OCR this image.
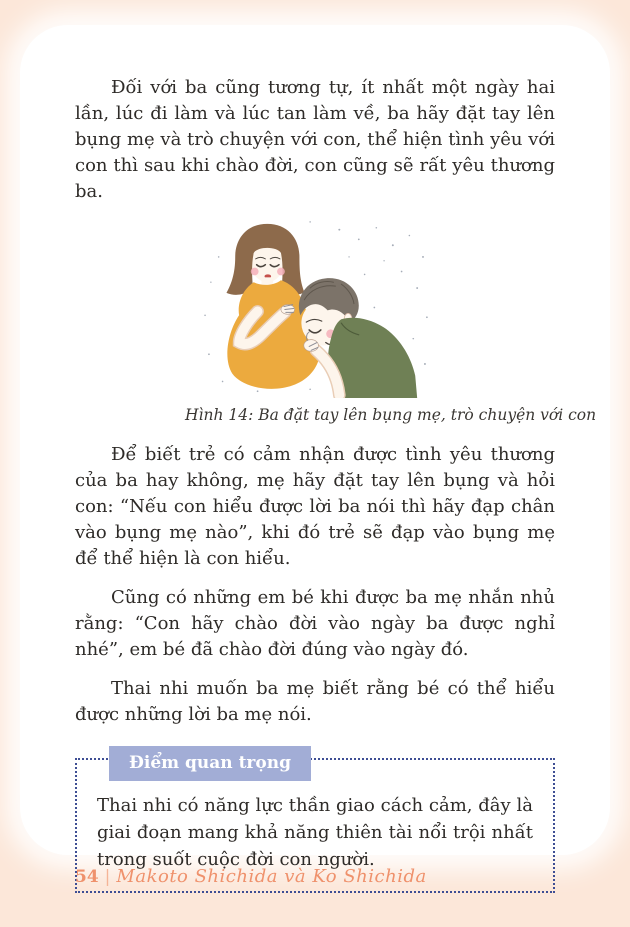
Đối với ba cũng tương tự, ít nhất một ngày hai lần, lúc đi làm và lúc tan làm về, ba hãy đặt tay lên bụng mẹ và trò chuyện với con, thể hiện tình yêu với con thì sau khi chào đời, con cũng sẽ rất yêu thương ba.

Hình 14: Ba đặt tay lên bụng mẹ, trò chuyện với con

Để biết trẻ có cảm nhận được tình yêu thương của ba hay không, mẹ hãy đặt tay lên bụng và hỏi con: “Nếu con hiểu được lời ba nói thì hãy đạp chân vào bụng mẹ nào”, khi đó trẻ sẽ đạp vào bụng mẹ để thể hiện là con hiểu.

Cũng có những em bé khi được ba mẹ nhắn nhủ rằng: “Con hãy chào đời vào ngày ba được nghỉ nhé”, em bé đã chào đời đúng vào ngày đó.

Thai nhi muốn ba mẹ biết rằng bé có thể hiểu được những lời ba mẹ nói.

Điểm quan trọng

Thai nhi có năng lực thần giao cách cảm, đây là giai đoạn mang khả năng thiên tài nổi trội nhất trong suốt cuộc đời con người.

54 | Makoto Shichida và Ko Shichida
